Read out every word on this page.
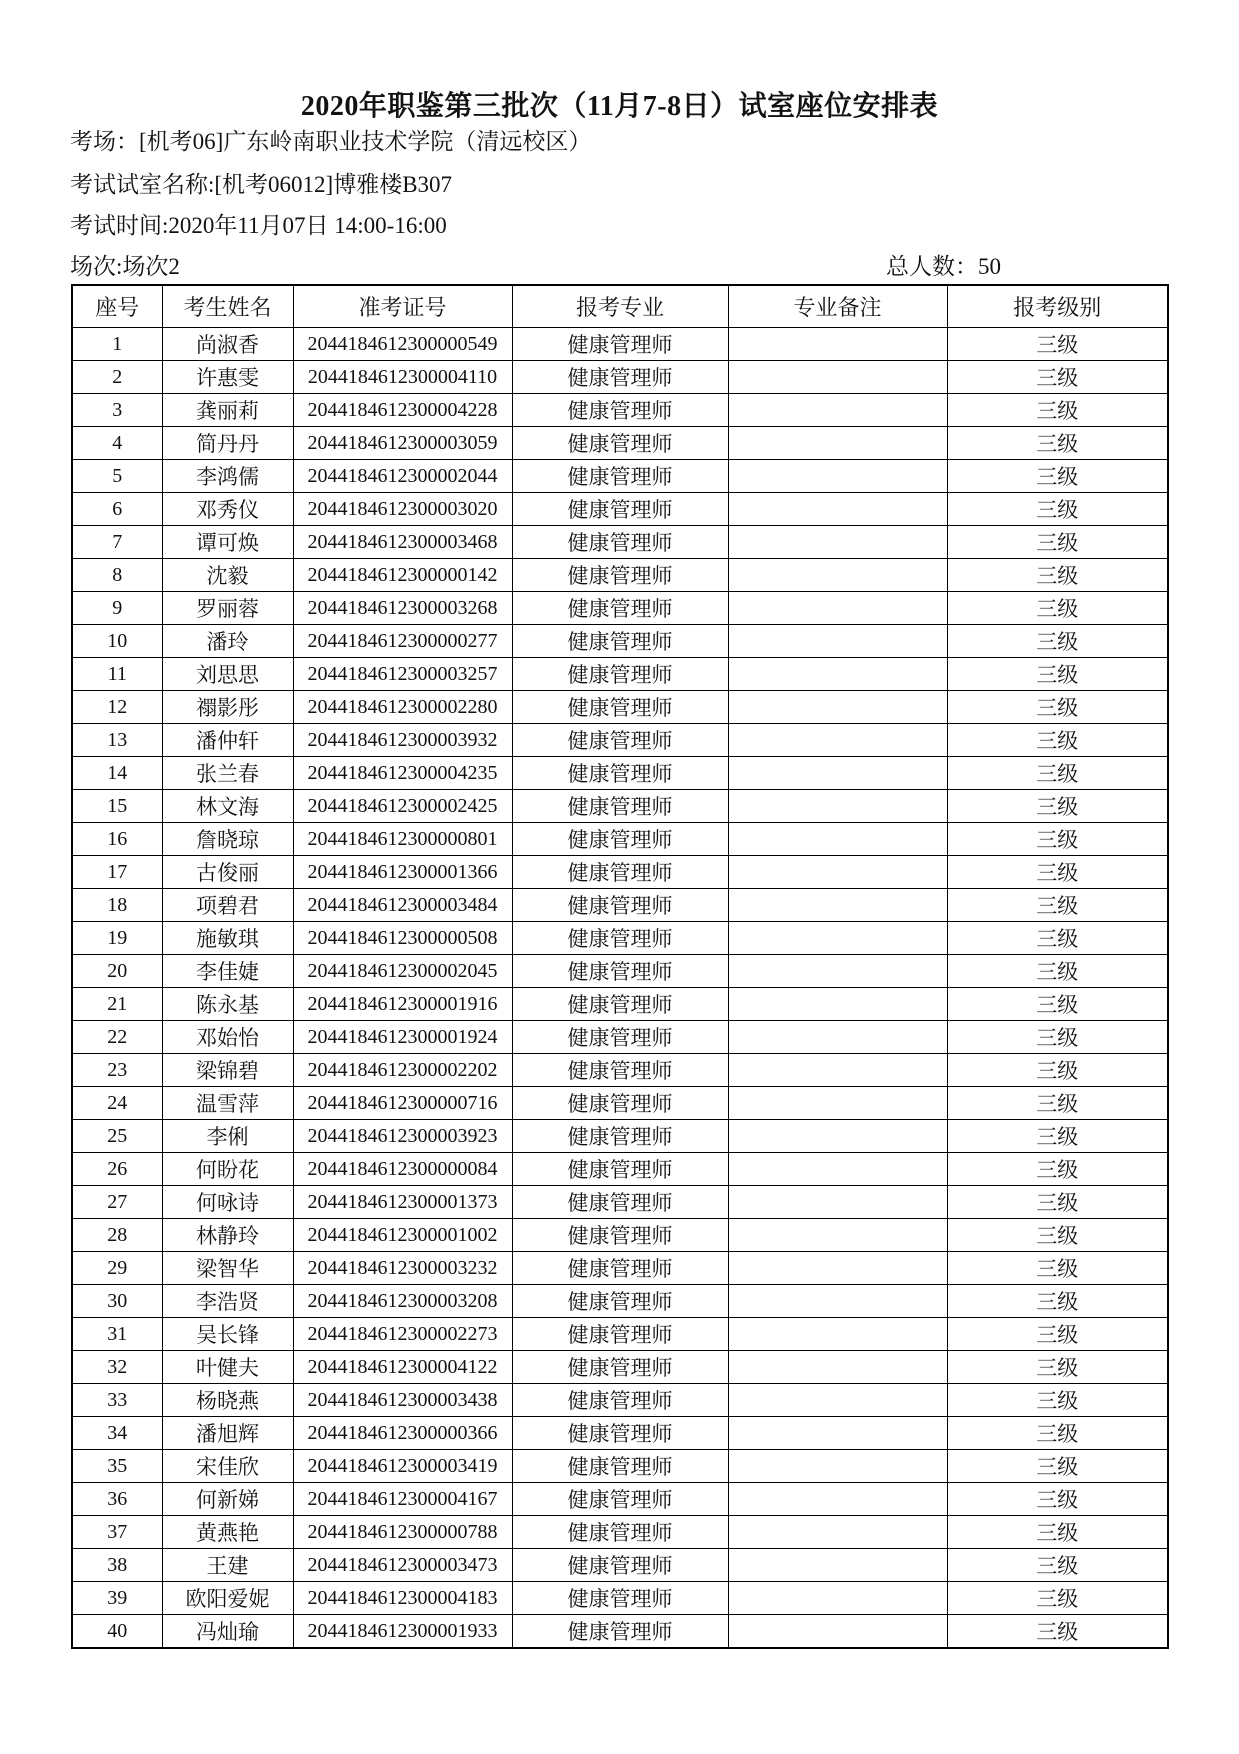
2020年职鉴第三批次（11月7-8日）试室座位安排表
考场：[机考06]广东岭南职业技术学院（清远校区）
考试试室名称:[机考06012]博雅楼B307
考试时间:2020年11月07日 14:00-16:00
场次:场次2	总人数：50
座号	考生姓名	准考证号	报考专业	专业备注	报考级别
1	尚淑香	2044184612300000549	健康管理师		三级
2	许惠雯	2044184612300004110	健康管理师		三级
3	龚丽莉	2044184612300004228	健康管理师		三级
4	简丹丹	2044184612300003059	健康管理师		三级
5	李鸿儒	2044184612300002044	健康管理师		三级
6	邓秀仪	2044184612300003020	健康管理师		三级
7	谭可焕	2044184612300003468	健康管理师		三级
8	沈毅	2044184612300000142	健康管理师		三级
9	罗丽蓉	2044184612300003268	健康管理师		三级
10	潘玲	2044184612300000277	健康管理师		三级
11	刘思思	2044184612300003257	健康管理师		三级
12	禤影彤	2044184612300002280	健康管理师		三级
13	潘仲轩	2044184612300003932	健康管理师		三级
14	张兰春	2044184612300004235	健康管理师		三级
15	林文海	2044184612300002425	健康管理师		三级
16	詹晓琼	2044184612300000801	健康管理师		三级
17	古俊丽	2044184612300001366	健康管理师		三级
18	项碧君	2044184612300003484	健康管理师		三级
19	施敏琪	2044184612300000508	健康管理师		三级
20	李佳婕	2044184612300002045	健康管理师		三级
21	陈永基	2044184612300001916	健康管理师		三级
22	邓始怡	2044184612300001924	健康管理师		三级
23	梁锦碧	2044184612300002202	健康管理师		三级
24	温雪萍	2044184612300000716	健康管理师		三级
25	李俐	2044184612300003923	健康管理师		三级
26	何盼花	2044184612300000084	健康管理师		三级
27	何咏诗	2044184612300001373	健康管理师		三级
28	林静玲	2044184612300001002	健康管理师		三级
29	梁智华	2044184612300003232	健康管理师		三级
30	李浩贤	2044184612300003208	健康管理师		三级
31	吴长锋	2044184612300002273	健康管理师		三级
32	叶健夫	2044184612300004122	健康管理师		三级
33	杨晓燕	2044184612300003438	健康管理师		三级
34	潘旭辉	2044184612300000366	健康管理师		三级
35	宋佳欣	2044184612300003419	健康管理师		三级
36	何新娣	2044184612300004167	健康管理师		三级
37	黄燕艳	2044184612300000788	健康管理师		三级
38	王建	2044184612300003473	健康管理师		三级
39	欧阳爱妮	2044184612300004183	健康管理师		三级
40	冯灿瑜	2044184612300001933	健康管理师		三级
